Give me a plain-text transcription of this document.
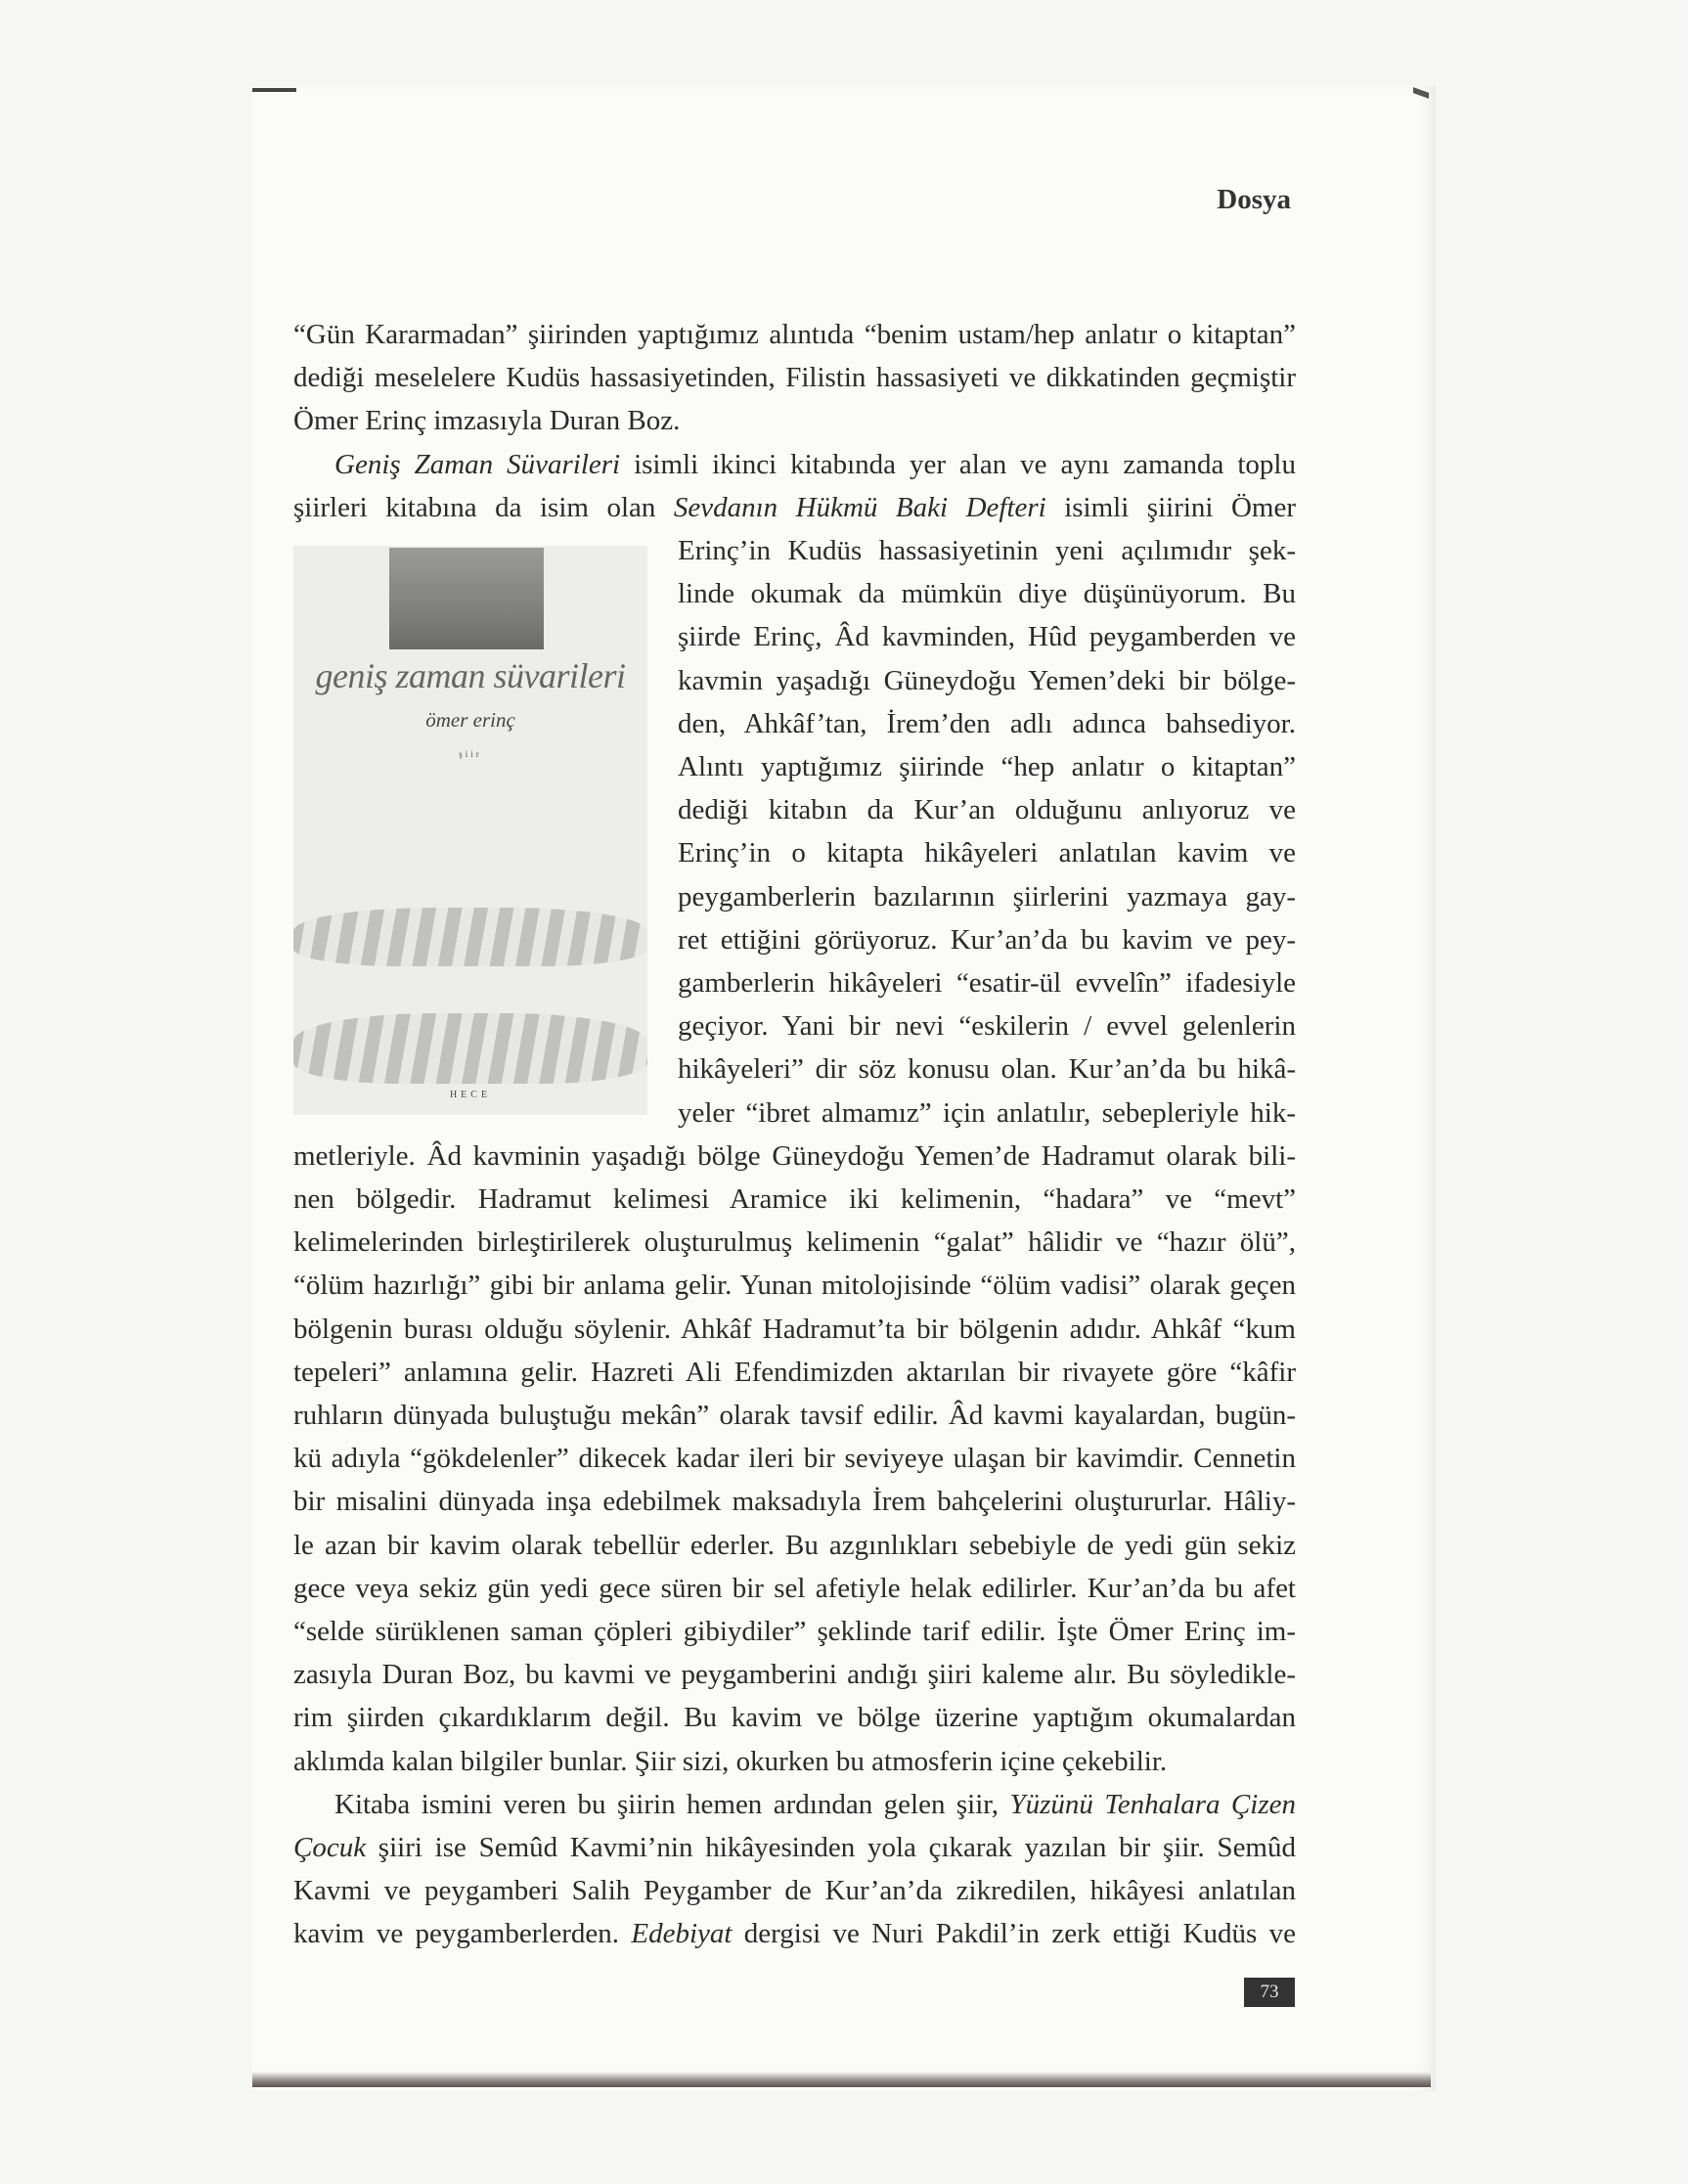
Dosya
“Gün Kararmadan” şiirinden yaptığımız alıntıda “benim ustam/hep anlatır o kitaptan”
dediği meselelere Kudüs hassasiyetinden, Filistin hassasiyeti ve dikkatinden geçmiştir
Ömer Erinç imzasıyla Duran Boz.
Geniş Zaman Süvarileri isimli ikinci kitabında yer alan ve aynı zamanda toplu
şiirleri kitabına da isim olan Sevdanın Hükmü Baki Defteri isimli şiirini Ömer
Erinç’in Kudüs hassasiyetinin yeni açılımıdır şek-
linde okumak da mümkün diye düşünüyorum. Bu
şiirde Erinç, Âd kavminden, Hûd peygamberden ve
kavmin yaşadığı Güneydoğu Yemen’deki bir bölge-
den, Ahkâf’tan, İrem’den adlı adınca bahsediyor.
Alıntı yaptığımız şiirinde “hep anlatır o kitaptan”
dediği kitabın da Kur’an olduğunu anlıyoruz ve
Erinç’in o kitapta hikâyeleri anlatılan kavim ve
peygamberlerin bazılarının şiirlerini yazmaya gay-
ret ettiğini görüyoruz. Kur’an’da bu kavim ve pey-
gamberlerin hikâyeleri “esatir-ül evvelîn” ifadesiyle
geçiyor. Yani bir nevi “eskilerin / evvel gelenlerin
hikâyeleri” dir söz konusu olan. Kur’an’da bu hikâ-
yeler “ibret almamız” için anlatılır, sebepleriyle hik-
metleriyle. Âd kavminin yaşadığı bölge Güneydoğu Yemen’de Hadramut olarak bili-
nen bölgedir. Hadramut kelimesi Aramice iki kelimenin, “hadara” ve “mevt”
kelimelerinden birleştirilerek oluşturulmuş kelimenin “galat” hâlidir ve “hazır ölü”,
“ölüm hazırlığı” gibi bir anlama gelir. Yunan mitolojisinde “ölüm vadisi” olarak geçen
bölgenin burası olduğu söylenir. Ahkâf Hadramut’ta bir bölgenin adıdır. Ahkâf “kum
tepeleri” anlamına gelir. Hazreti Ali Efendimizden aktarılan bir rivayete göre “kâfir
ruhların dünyada buluştuğu mekân” olarak tavsif edilir. Âd kavmi kayalardan, bugün-
kü adıyla “gökdelenler” dikecek kadar ileri bir seviyeye ulaşan bir kavimdir. Cennetin
bir misalini dünyada inşa edebilmek maksadıyla İrem bahçelerini oluştururlar. Hâliy-
le azan bir kavim olarak tebellür ederler. Bu azgınlıkları sebebiyle de yedi gün sekiz
gece veya sekiz gün yedi gece süren bir sel afetiyle helak edilirler. Kur’an’da bu afet
“selde sürüklenen saman çöpleri gibiydiler” şeklinde tarif edilir. İşte Ömer Erinç im-
zasıyla Duran Boz, bu kavmi ve peygamberini andığı şiiri kaleme alır. Bu söyledikle-
rim şiirden çıkardıklarım değil. Bu kavim ve bölge üzerine yaptığım okumalardan
aklımda kalan bilgiler bunlar. Şiir sizi, okurken bu atmosferin içine çekebilir.
Kitaba ismini veren bu şiirin hemen ardından gelen şiir, Yüzünü Tenhalara Çizen
Çocuk şiiri ise Semûd Kavmi’nin hikâyesinden yola çıkarak yazılan bir şiir. Semûd
Kavmi ve peygamberi Salih Peygamber de Kur’an’da zikredilen, hikâyesi anlatılan
kavim ve peygamberlerden. Edebiyat dergisi ve Nuri Pakdil’in zerk ettiği Kudüs ve
geniş zaman süvarileri
ömer erinç
şiir
HECE
73
